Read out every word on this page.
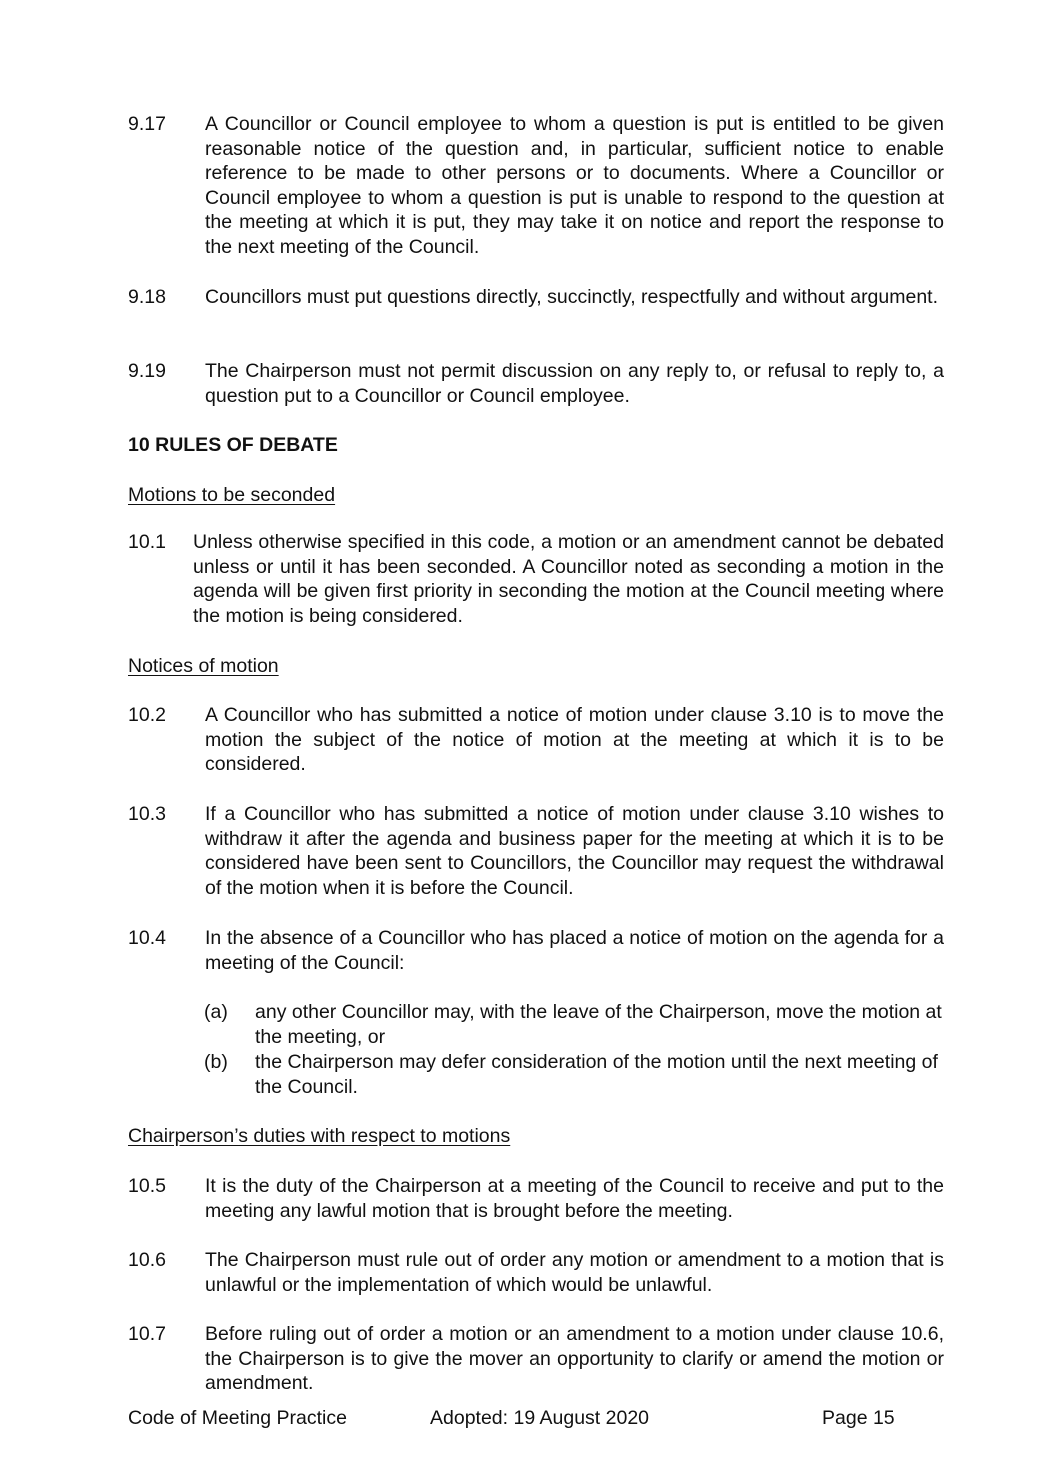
9.17 A Councillor or Council employee to whom a question is put is entitled to be given reasonable notice of the question and, in particular, sufficient notice to enable reference to be made to other persons or to documents. Where a Councillor or Council employee to whom a question is put is unable to respond to the question at the meeting at which it is put, they may take it on notice and report the response to the next meeting of the Council.
9.18 Councillors must put questions directly, succinctly, respectfully and without argument.
9.19 The Chairperson must not permit discussion on any reply to, or refusal to reply to, a question put to a Councillor or Council employee.
10 RULES OF DEBATE
Motions to be seconded
10.1 Unless otherwise specified in this code, a motion or an amendment cannot be debated unless or until it has been seconded. A Councillor noted as seconding a motion in the agenda will be given first priority in seconding the motion at the Council meeting where the motion is being considered.
Notices of motion
10.2 A Councillor who has submitted a notice of motion under clause 3.10 is to move the motion the subject of the notice of motion at the meeting at which it is to be considered.
10.3 If a Councillor who has submitted a notice of motion under clause 3.10 wishes to withdraw it after the agenda and business paper for the meeting at which it is to be considered have been sent to Councillors, the Councillor may request the withdrawal of the motion when it is before the Council.
10.4 In the absence of a Councillor who has placed a notice of motion on the agenda for a meeting of the Council:
(a) any other Councillor may, with the leave of the Chairperson, move the motion at the meeting, or
(b) the Chairperson may defer consideration of the motion until the next meeting of the Council.
Chairperson’s duties with respect to motions
10.5 It is the duty of the Chairperson at a meeting of the Council to receive and put to the meeting any lawful motion that is brought before the meeting.
10.6 The Chairperson must rule out of order any motion or amendment to a motion that is unlawful or the implementation of which would be unlawful.
10.7 Before ruling out of order a motion or an amendment to a motion under clause 10.6, the Chairperson is to give the mover an opportunity to clarify or amend the motion or amendment.
Code of Meeting Practice	Adopted: 19 August 2020	Page 15
